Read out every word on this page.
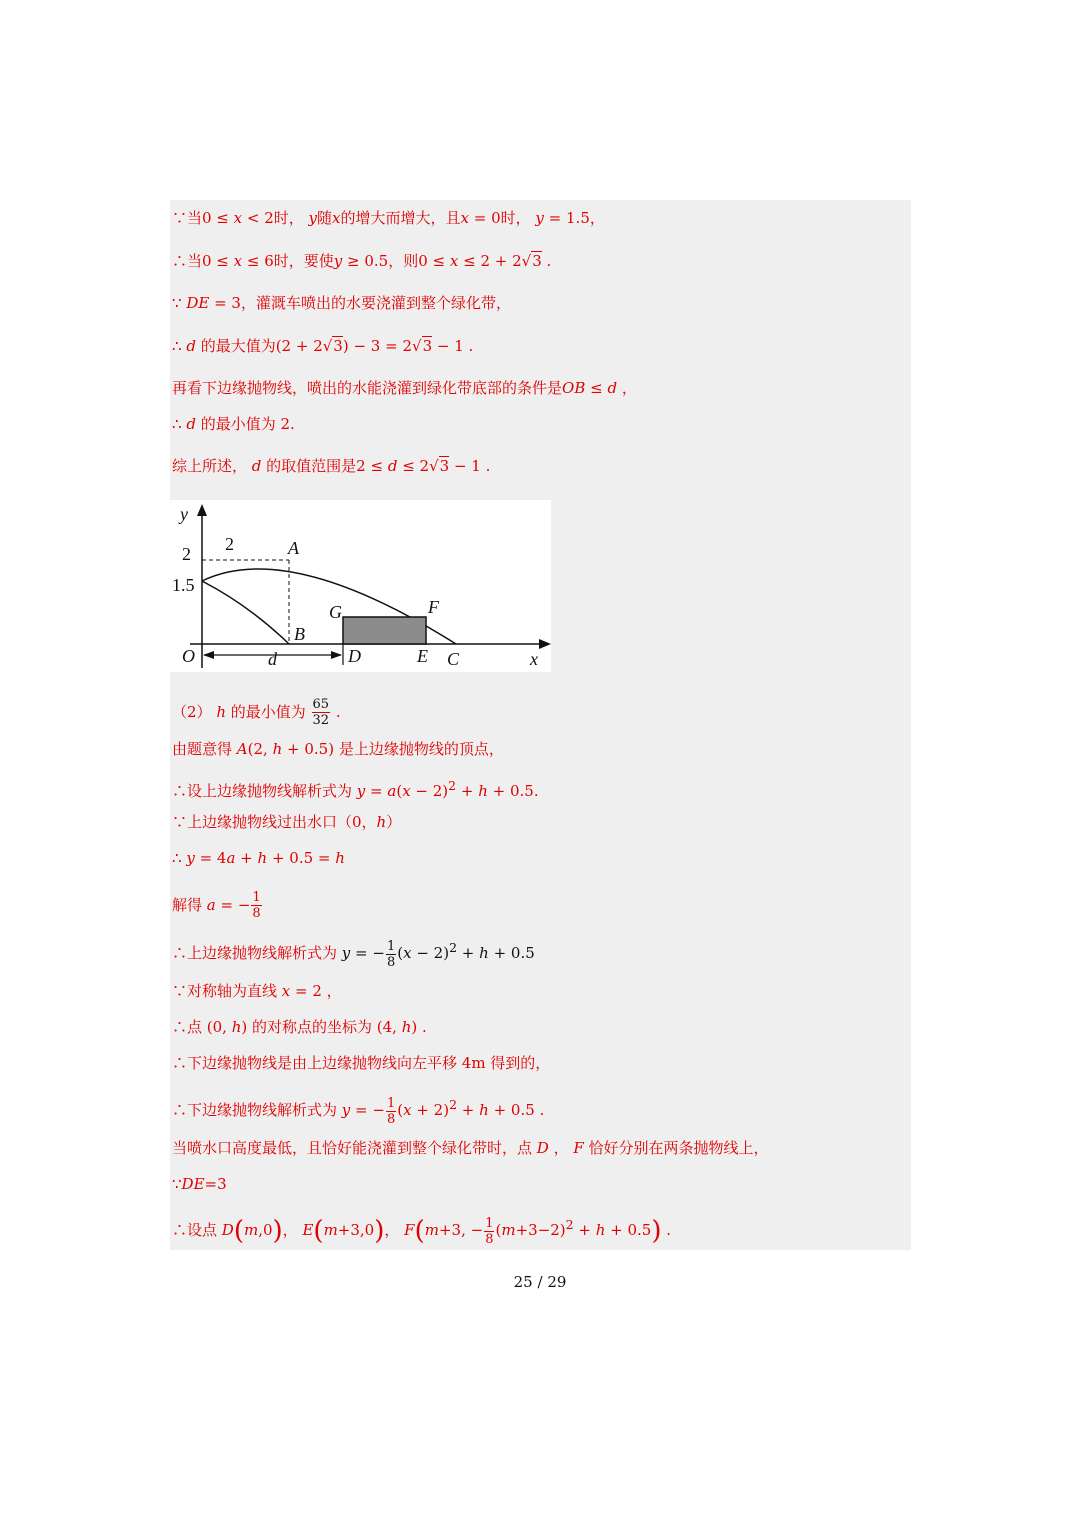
∵当0 ≤ x < 2时， y随x的增大而增大，且x = 0时， y = 1.5，
∴当0 ≤ x ≤ 6时，要使y ≥ 0.5，则0 ≤ x ≤ 2 + 2√3 .
∵ DE = 3，灌溉车喷出的水要浇灌到整个绿化带，
∴ d 的最大值为(2 + 2√3) − 3 = 2√3 − 1 .
再看下边缘抛物线，喷出的水能浇灌到绿化带底部的条件是OB ≤ d ，
∴ d 的最小值为 2.
综上所述， d 的取值范围是2 ≤ d ≤ 2√3 − 1 .
y
2
1.5
2	A
B
G	F
O	d	D	E C	x
（2） h 的最小值为 $\frac{65}{32}$ .
由题意得 A(2, h + 0.5) 是上边缘抛物线的顶点，
∴设上边缘抛物线解析式为 $y = a(x - 2)^2 + h + 0.5$.
∵上边缘抛物线过出水口（0，h）
∴ y = 4a + h + 0.5 = h
解得 a = − $\frac{1}{8}$
∴上边缘抛物线解析式为 y = − $\frac{1}{8} (x - 2)^2 + h + 0.5$
∵对称轴为直线 x = 2 ，
∴点 (0, h) 的对称点的坐标为 (4, h) .
∴下边缘抛物线是由上边缘抛物线向左平移 4m 得到的，
∴下边缘抛物线解析式为 y = − $\frac{1}{8} (x + 2)^2 + h + 0.5$ .
当喷水口高度最低，且恰好能浇灌到整个绿化带时，点 D ， F 恰好分别在两条抛物线上，
∵DE=3
∴设点 D(m,0)， E(m+3,0)， F(m+3, − $\frac{1}{8} (m+3-2)^2 + h + 0.5$) .
25 / 29
